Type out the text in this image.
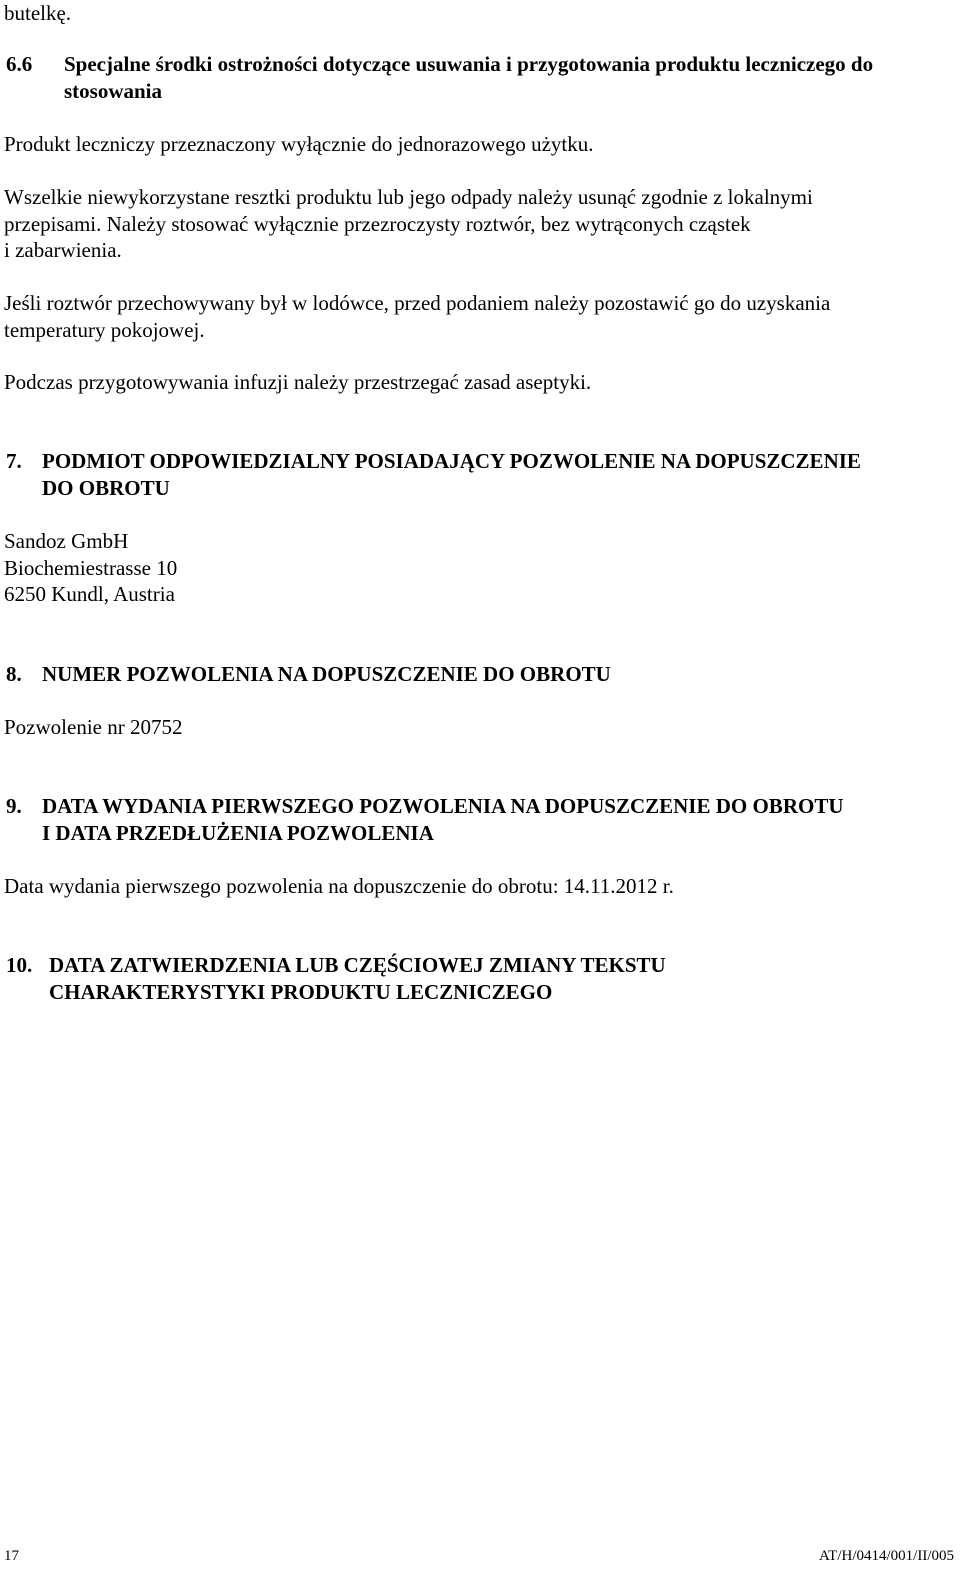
butelkę.
6.6 Specjalne środki ostrożności dotyczące usuwania i przygotowania produktu leczniczego do
stosowania
Produkt leczniczy przeznaczony wyłącznie do jednorazowego użytku.
Wszelkie niewykorzystane resztki produktu lub jego odpady należy usunąć zgodnie z lokalnymi
przepisami. Należy stosować wyłącznie przezroczysty roztwór, bez wytrąconych cząstek
i zabarwienia.
Jeśli roztwór przechowywany był w lodówce, przed podaniem należy pozostawić go do uzyskania
temperatury pokojowej.
Podczas przygotowywania infuzji należy przestrzegać zasad aseptyki.
7. PODMIOT ODPOWIEDZIALNY POSIADAJĄCY POZWOLENIE NA DOPUSZCZENIE
DO OBROTU
Sandoz GmbH
Biochemiestrasse 10
6250 Kundl, Austria
8. NUMER POZWOLENIA NA DOPUSZCZENIE DO OBROTU
Pozwolenie nr 20752
9. DATA WYDANIA PIERWSZEGO POZWOLENIA NA DOPUSZCZENIE DO OBROTU
I DATA PRZEDŁUŻENIA POZWOLENIA
Data wydania pierwszego pozwolenia na dopuszczenie do obrotu: 14.11.2012 r.
10. DATA ZATWIERDZENIA LUB CZĘŚCIOWEJ ZMIANY TEKSTU
CHARAKTERYSTYKI PRODUKTU LECZNICZEGO
17	AT/H/0414/001/II/005
